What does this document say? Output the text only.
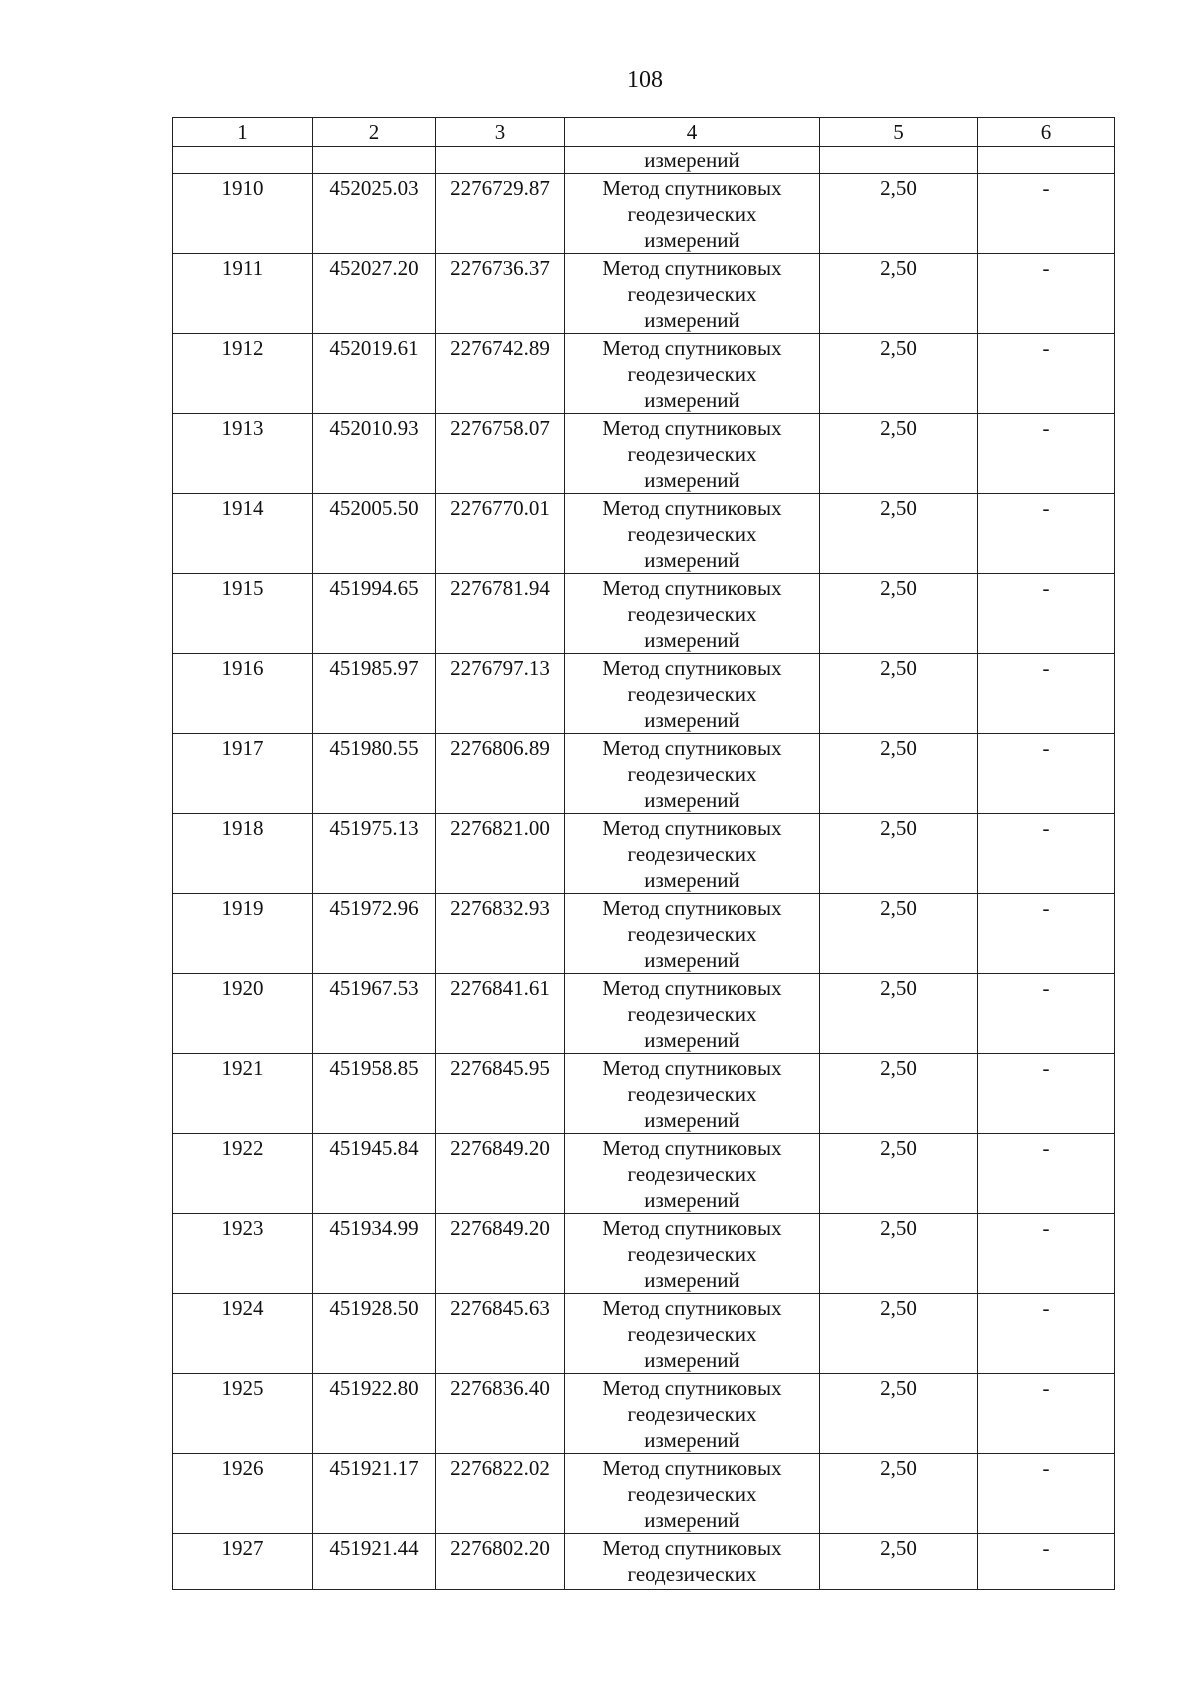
108
1	2	3	4	5	6
			измерений		
1910	452025.03	2276729.87	Метод спутниковых
геодезических
измерений	2,50	-
1911	452027.20	2276736.37	Метод спутниковых
геодезических
измерений	2,50	-
1912	452019.61	2276742.89	Метод спутниковых
геодезических
измерений	2,50	-
1913	452010.93	2276758.07	Метод спутниковых
геодезических
измерений	2,50	-
1914	452005.50	2276770.01	Метод спутниковых
геодезических
измерений	2,50	-
1915	451994.65	2276781.94	Метод спутниковых
геодезических
измерений	2,50	-
1916	451985.97	2276797.13	Метод спутниковых
геодезических
измерений	2,50	-
1917	451980.55	2276806.89	Метод спутниковых
геодезических
измерений	2,50	-
1918	451975.13	2276821.00	Метод спутниковых
геодезических
измерений	2,50	-
1919	451972.96	2276832.93	Метод спутниковых
геодезических
измерений	2,50	-
1920	451967.53	2276841.61	Метод спутниковых
геодезических
измерений	2,50	-
1921	451958.85	2276845.95	Метод спутниковых
геодезических
измерений	2,50	-
1922	451945.84	2276849.20	Метод спутниковых
геодезических
измерений	2,50	-
1923	451934.99	2276849.20	Метод спутниковых
геодезических
измерений	2,50	-
1924	451928.50	2276845.63	Метод спутниковых
геодезических
измерений	2,50	-
1925	451922.80	2276836.40	Метод спутниковых
геодезических
измерений	2,50	-
1926	451921.17	2276822.02	Метод спутниковых
геодезических
измерений	2,50	-
1927	451921.44	2276802.20	Метод спутниковых
геодезических	2,50	-
